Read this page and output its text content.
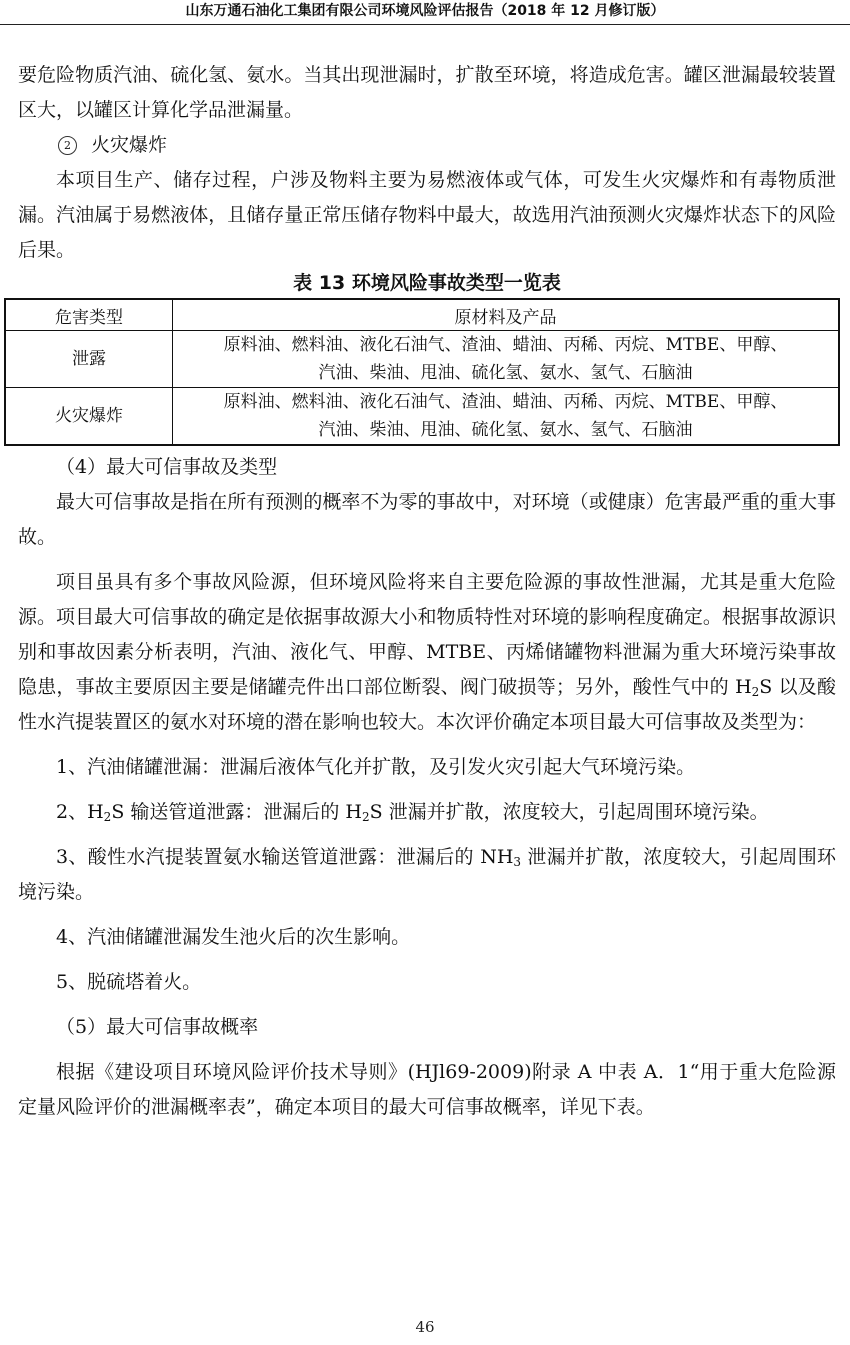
山东万通石油化工集团有限公司环境风险评估报告（2018 年 12 月修订版）

要危险物质汽油、硫化氢、氨水。当其出现泄漏时，扩散至环境，将造成危害。罐区泄漏最较装置区大，以罐区计算化学品泄漏量。

2 火灾爆炸

本项目生产、储存过程，户涉及物料主要为易燃液体或气体，可发生火灾爆炸和有毒物质泄漏。汽油属于易燃液体，且储存量正常压储存物料中最大，故选用汽油预测火灾爆炸状态下的风险后果。

表 13 环境风险事故类型一览表

危害类型	原材料及产品
泄露	原料油、燃料油、液化石油气、渣油、蜡油、丙稀、丙烷、MTBE、甲醇、
汽油、柴油、甩油、硫化氢、氨水、氢气、石脑油

火灾爆炸	原料油、燃料油、液化石油气、渣油、蜡油、丙稀、丙烷、MTBE、甲醇、
汽油、柴油、甩油、硫化氢、氨水、氢气、石脑油

（4）最大可信事故及类型

最大可信事故是指在所有预测的概率不为零的事故中，对环境（或健康）危害最严重的重大事故。

项目虽具有多个事故风险源，但环境风险将来自主要危险源的事故性泄漏，尤其是重大危险源。项目最大可信事故的确定是依据事故源大小和物质特性对环境的影响程度确定。根据事故源识别和事故因素分析表明，汽油、液化气、甲醇、MTBE、丙烯储罐物料泄漏为重大环境污染事故隐患，事故主要原因主要是储罐壳件出口部位断裂、阀门破损等；另外，酸性气中的 $H_2S$ 以及酸性水汽提装置区的氨水对环境的潜在影响也较大。本次评价确定本项目最大可信事故及类型为：

1、汽油储罐泄漏：泄漏后液体气化并扩散，及引发火灾引起大气环境污染。

2、$H_2S$ 输送管道泄露：泄漏后的 $H_2S$ 泄漏并扩散，浓度较大，引起周围环境污染。

3、酸性水汽提装置氨水输送管道泄露：泄漏后的 $NH_3$ 泄漏并扩散，浓度较大，引起周围环境污染。

4、汽油储罐泄漏发生池火后的次生影响。

5、脱硫塔着火。

（5）最大可信事故概率

根据《建设项目环境风险评价技术导则》(HJl69-2009)附录 A 中表 A．1“用于重大危险源定量风险评价的泄漏概率表”，确定本项目的最大可信事故概率，详见下表。

46
